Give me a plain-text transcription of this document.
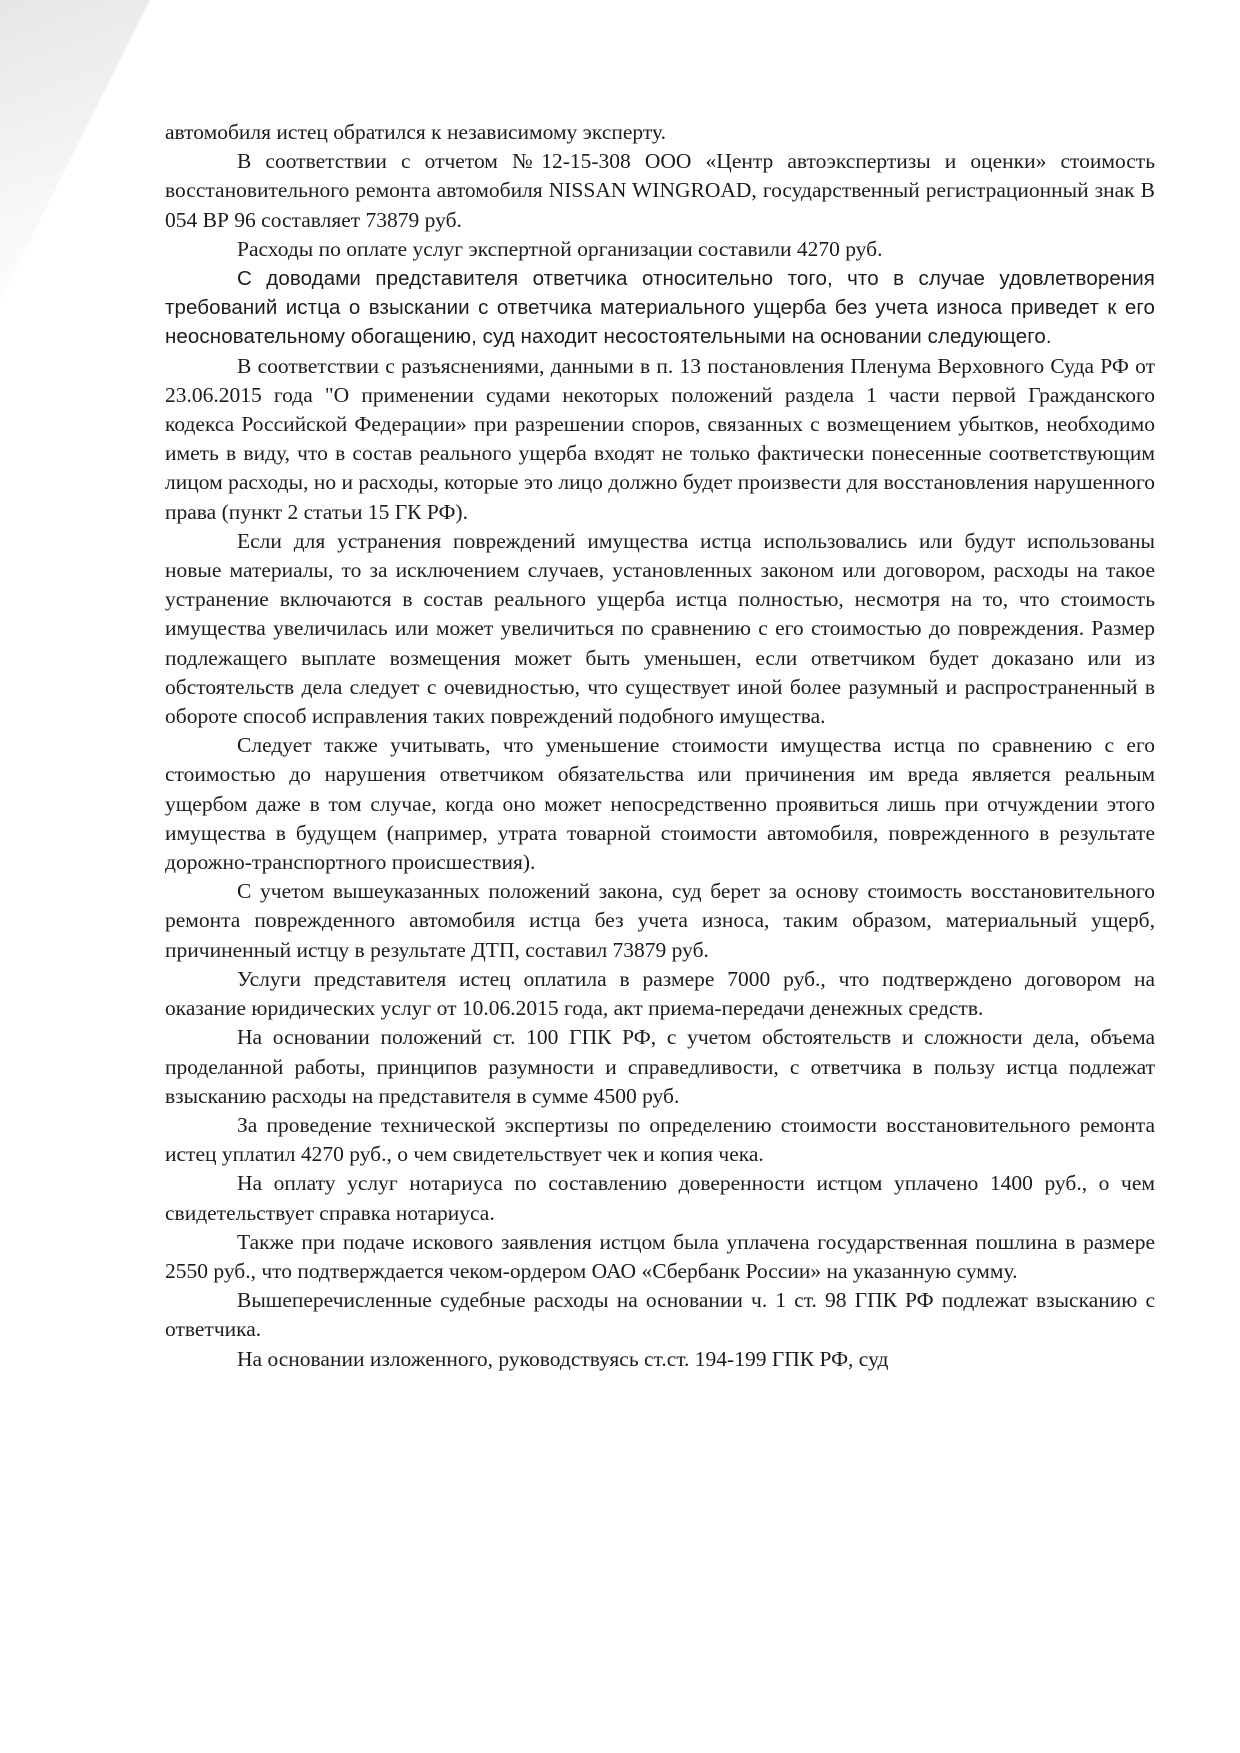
автомобиля истец обратился к независимому эксперту.

В соответствии с отчетом №12-15-308 ООО «Центр автоэкспертизы и оценки» стоимость восстановительного ремонта автомобиля NISSAN WINGROAD, государственный регистрационный знак В 054 ВР 96 составляет 73879 руб.

Расходы по оплате услуг экспертной организации составили 4270 руб.

С доводами представителя ответчика относительно того, что в случае удовлетворения требований истца о взыскании с ответчика материального ущерба без учета износа приведет к его неосновательному обогащению, суд находит несостоятельными на основании следующего.

В соответствии с разъяснениями, данными в п. 13 постановления Пленума Верховного Суда РФ от 23.06.2015 года "О применении судами некоторых положений раздела 1 части первой Гражданского кодекса Российской Федерации» при разрешении споров, связанных с возмещением убытков, необходимо иметь в виду, что в состав реального ущерба входят не только фактически понесенные соответствующим лицом расходы, но и расходы, которые это лицо должно будет произвести для восстановления нарушенного права (пункт 2 статьи 15 ГК РФ).

Если для устранения повреждений имущества истца использовались или будут использованы новые материалы, то за исключением случаев, установленных законом или договором, расходы на такое устранение включаются в состав реального ущерба истца полностью, несмотря на то, что стоимость имущества увеличилась или может увеличиться по сравнению с его стоимостью до повреждения. Размер подлежащего выплате возмещения может быть уменьшен, если ответчиком будет доказано или из обстоятельств дела следует с очевидностью, что существует иной более разумный и распространенный в обороте способ исправления таких повреждений подобного имущества.

Следует также учитывать, что уменьшение стоимости имущества истца по сравнению с его стоимостью до нарушения ответчиком обязательства или причинения им вреда является реальным ущербом даже в том случае, когда оно может непосредственно проявиться лишь при отчуждении этого имущества в будущем (например, утрата товарной стоимости автомобиля, поврежденного в результате дорожно-транспортного происшествия).

С учетом вышеуказанных положений закона, суд берет за основу стоимость восстановительного ремонта поврежденного автомобиля истца без учета износа, таким образом, материальный ущерб, причиненный истцу в результате ДТП, составил 73879 руб.

Услуги представителя истец оплатила в размере 7000 руб., что подтверждено договором на оказание юридических услуг от 10.06.2015 года, акт приема-передачи денежных средств.

На основании положений ст. 100 ГПК РФ, с учетом обстоятельств и сложности дела, объема проделанной работы, принципов разумности и справедливости, с ответчика в пользу истца подлежат взысканию расходы на представителя в сумме 4500 руб.

За проведение технической экспертизы по определению стоимости восстановительного ремонта истец уплатил 4270 руб., о чем свидетельствует чек и копия чека.

На оплату услуг нотариуса по составлению доверенности истцом уплачено 1400 руб., о чем свидетельствует справка нотариуса.

Также при подаче искового заявления истцом была уплачена государственная пошлина в размере 2550 руб., что подтверждается чеком-ордером ОАО «Сбербанк России» на указанную сумму.

Вышеперечисленные судебные расходы на основании ч. 1 ст. 98 ГПК РФ подлежат взысканию с ответчика.

На основании изложенного, руководствуясь ст.ст. 194-199 ГПК РФ, суд
